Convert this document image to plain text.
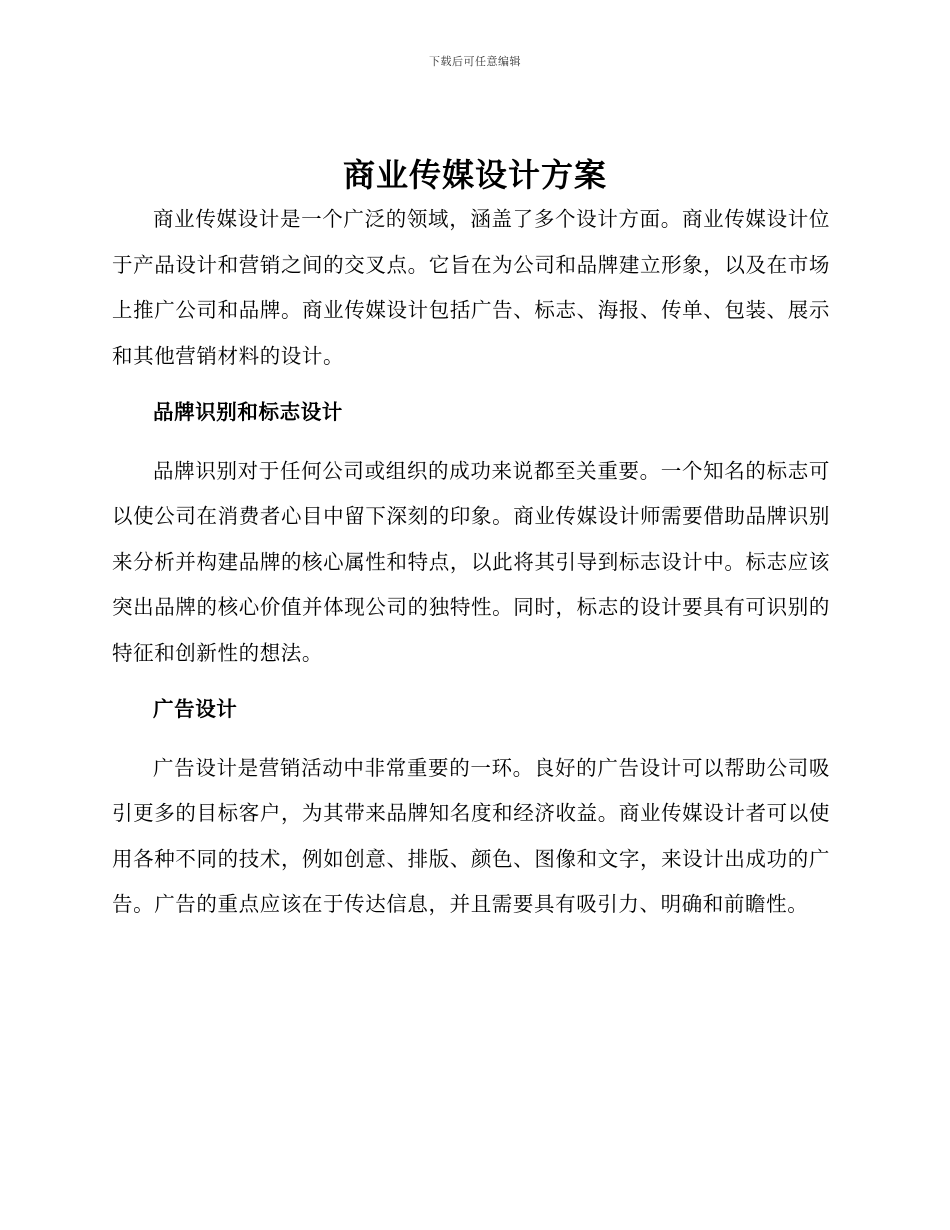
下载后可任意编辑
商业传媒设计方案

商业传媒设计是一个广泛的领域，涵盖了多个设计方面。商业传媒设计位于产品设计和营销之间的交叉点。它旨在为公司和品牌建立形象，以及在市场上推广公司和品牌。商业传媒设计包括广告、标志、海报、传单、包装、展示和其他营销材料的设计。

品牌识别和标志设计

品牌识别对于任何公司或组织的成功来说都至关重要。一个知名的标志可以使公司在消费者心目中留下深刻的印象。商业传媒设计师需要借助品牌识别来分析并构建品牌的核心属性和特点，以此将其引导到标志设计中。标志应该突出品牌的核心价值并体现公司的独特性。同时，标志的设计要具有可识别的特征和创新性的想法。

广告设计

广告设计是营销活动中非常重要的一环。良好的广告设计可以帮助公司吸引更多的目标客户，为其带来品牌知名度和经济收益。商业传媒设计者可以使用各种不同的技术，例如创意、排版、颜色、图像和文字，来设计出成功的广告。广告的重点应该在于传达信息，并且需要具有吸引力、明确和前瞻性。
